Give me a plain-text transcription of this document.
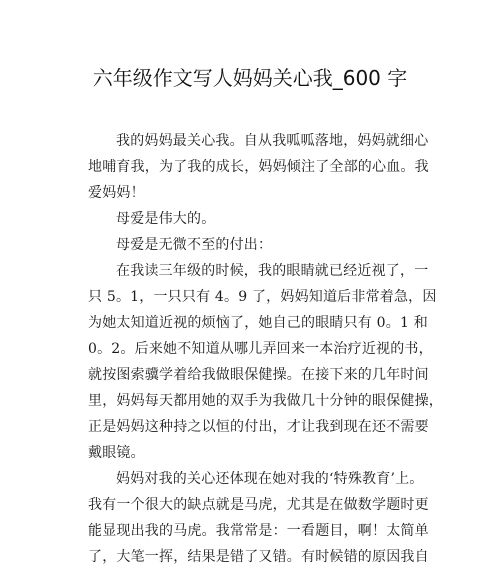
六年级作文写人妈妈关心我_600 字
我的妈妈最关心我。自从我呱呱落地，妈妈就细心
地哺育我，为了我的成长，妈妈倾注了全部的心血。我
爱妈妈！
母爱是伟大的。
母爱是无微不至的付出：
在我读三年级的时候，我的眼睛就已经近视了，一
只 5。1，一只只有 4。9 了，妈妈知道后非常着急，因
为她太知道近视的烦恼了，她自己的眼睛只有 0。1 和
0。2。后来她不知道从哪儿弄回来一本治疗近视的书，
就按图索骥学着给我做眼保健操。在接下来的几年时间
里，妈妈每天都用她的双手为我做几十分钟的眼保健操，
正是妈妈这种持之以恒的付出，才让我到现在还不需要
戴眼镜。
妈妈对我的关心还体现在她对我的‘特殊教育’上。
我有一个很大的缺点就是马虎，尤其是在做数学题时更
能显现出我的马虎。我常常是：一看题目，啊！太简单
了，大笔一挥，结果是错了又错。有时候错的原因我自
